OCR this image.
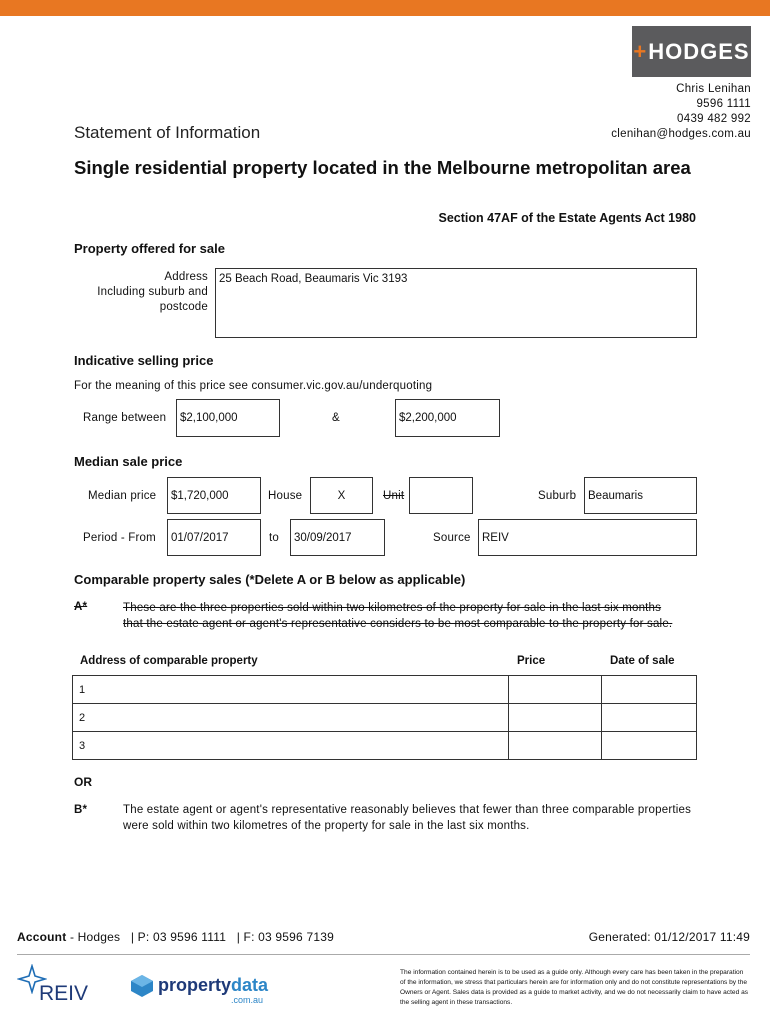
+ HODGES
Chris Lenihan
9596 1111
0439 482 992
clenihan@hodges.com.au
Statement of Information
Single residential property located in the Melbourne metropolitan area
Section 47AF of the Estate Agents Act 1980
Property offered for sale
Address
Including suburb and
postcode
25 Beach Road, Beaumaris Vic 3193
Indicative selling price
For the meaning of this price see consumer.vic.gov.au/underquoting
Range between	$2,100,000	&	$2,200,000
Median sale price
Median price	$1,720,000	House	X	Unit	Suburb	Beaumaris
Period - From	01/07/2017	to	30/09/2017	Source REIV
Comparable property sales (*Delete A or B below as applicable)
A*	These are the three properties sold within two kilometres of the property for sale in the last six months that the estate agent or agent's representative considers to be most comparable to the property for sale.
Address of comparable property	Price	Date of sale
1		
2		
3		
OR
B*	The estate agent or agent's representative reasonably believes that fewer than three comparable properties were sold within two kilometres of the property for sale in the last six months.
Account - Hodges   | P: 03 9596 1111   | F: 03 9596 7139	Generated: 01/12/2017 11:49
REIV	propertydata
.com.au
The information contained herein is to be used as a guide only. Although every care has been taken in the preparation of the information, we stress that particulars herein are for information only and do not constitute representations by the Owners or Agent. Sales data is provided as a guide to market activity, and we do not necessarily claim to have acted as the selling agent in these transactions.
